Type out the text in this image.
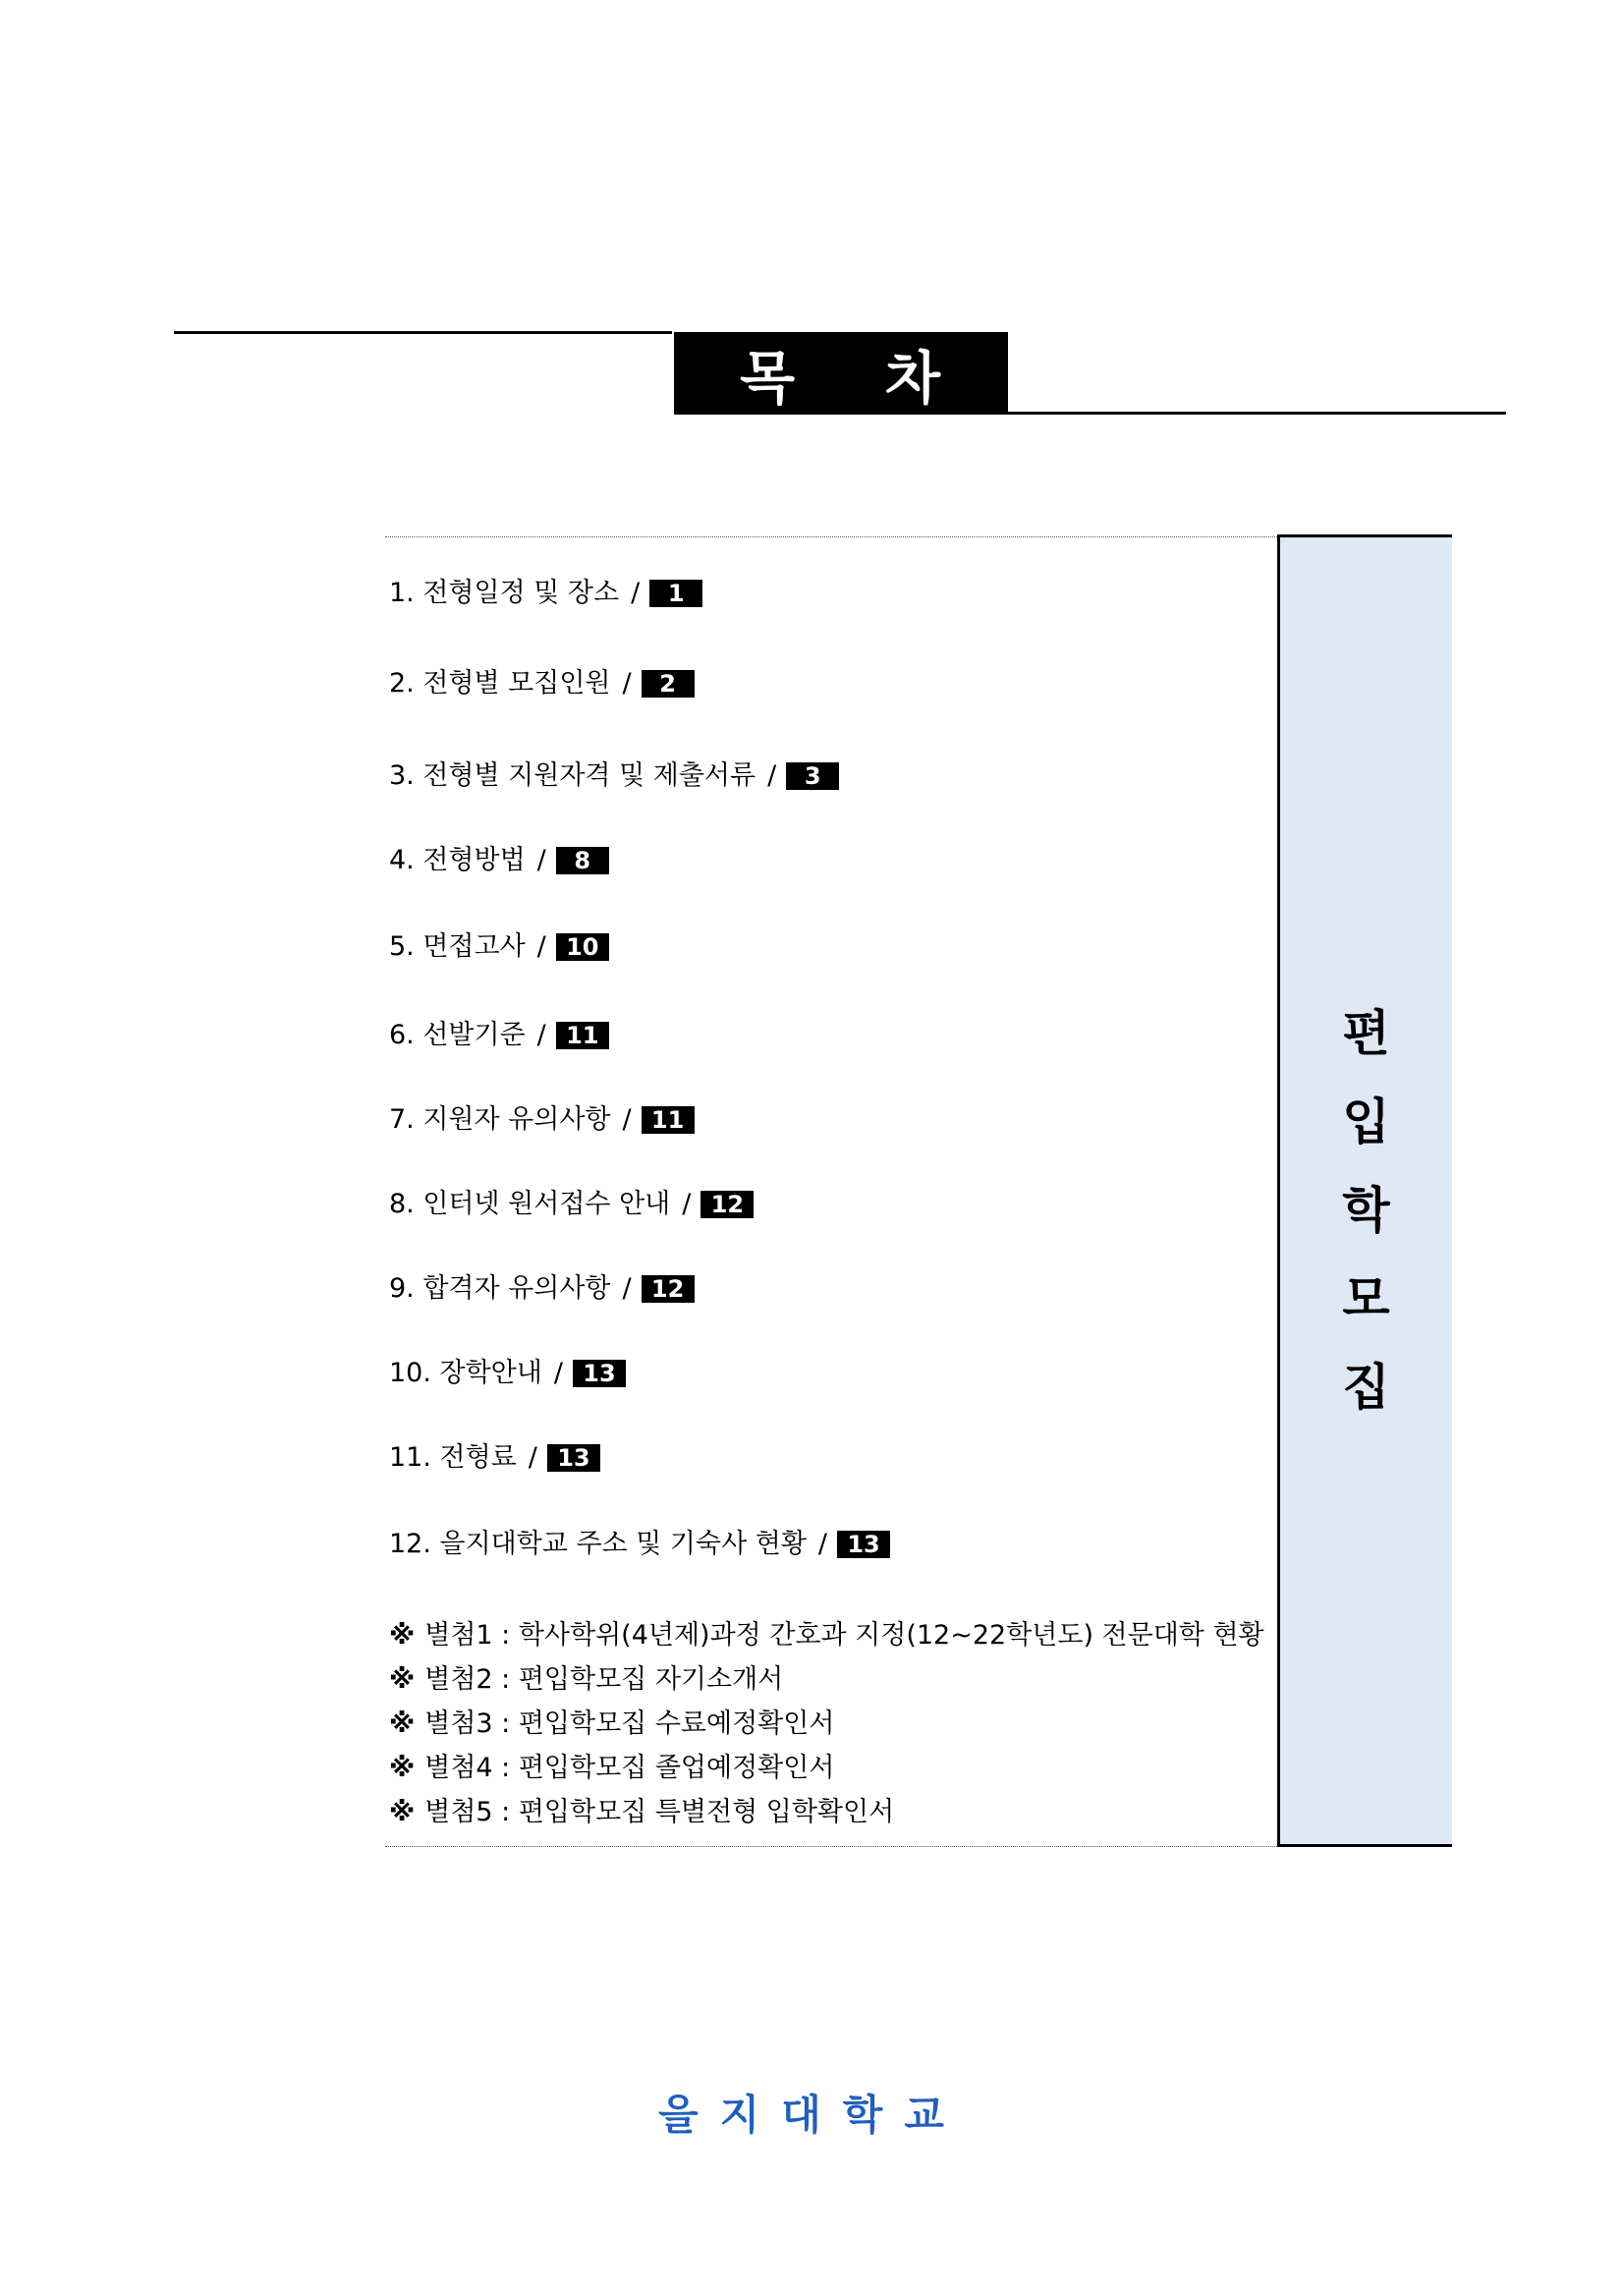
목 차
편
입
학
모
집
1. 전형일정 및 장소 /	1
2. 전형별 모집인원 /	2
3. 전형별 지원자격 및 제출서류 /	3
4. 전형방법 /	8
5. 면접고사 / 10
6. 선발기준 / 11
7. 지원자 유의사항 / 11
8. 인터넷 원서접수 안내 / 12
9. 합격자 유의사항 / 12
10. 장학안내 / 13
11. 전형료 / 13
12. 을지대학교 주소 및 기숙사 현황 / 13
※ 별첨1 : 학사학위(4년제)과정 간호과 지정(12~22학년도) 전문대학 현황
※ 별첨2 : 편입학모집 자기소개서
※ 별첨3 : 편입학모집 수료예정확인서
※ 별첨4 : 편입학모집 졸업예정확인서
※ 별첨5 : 편입학모집 특별전형 입학확인서
을지대학교
